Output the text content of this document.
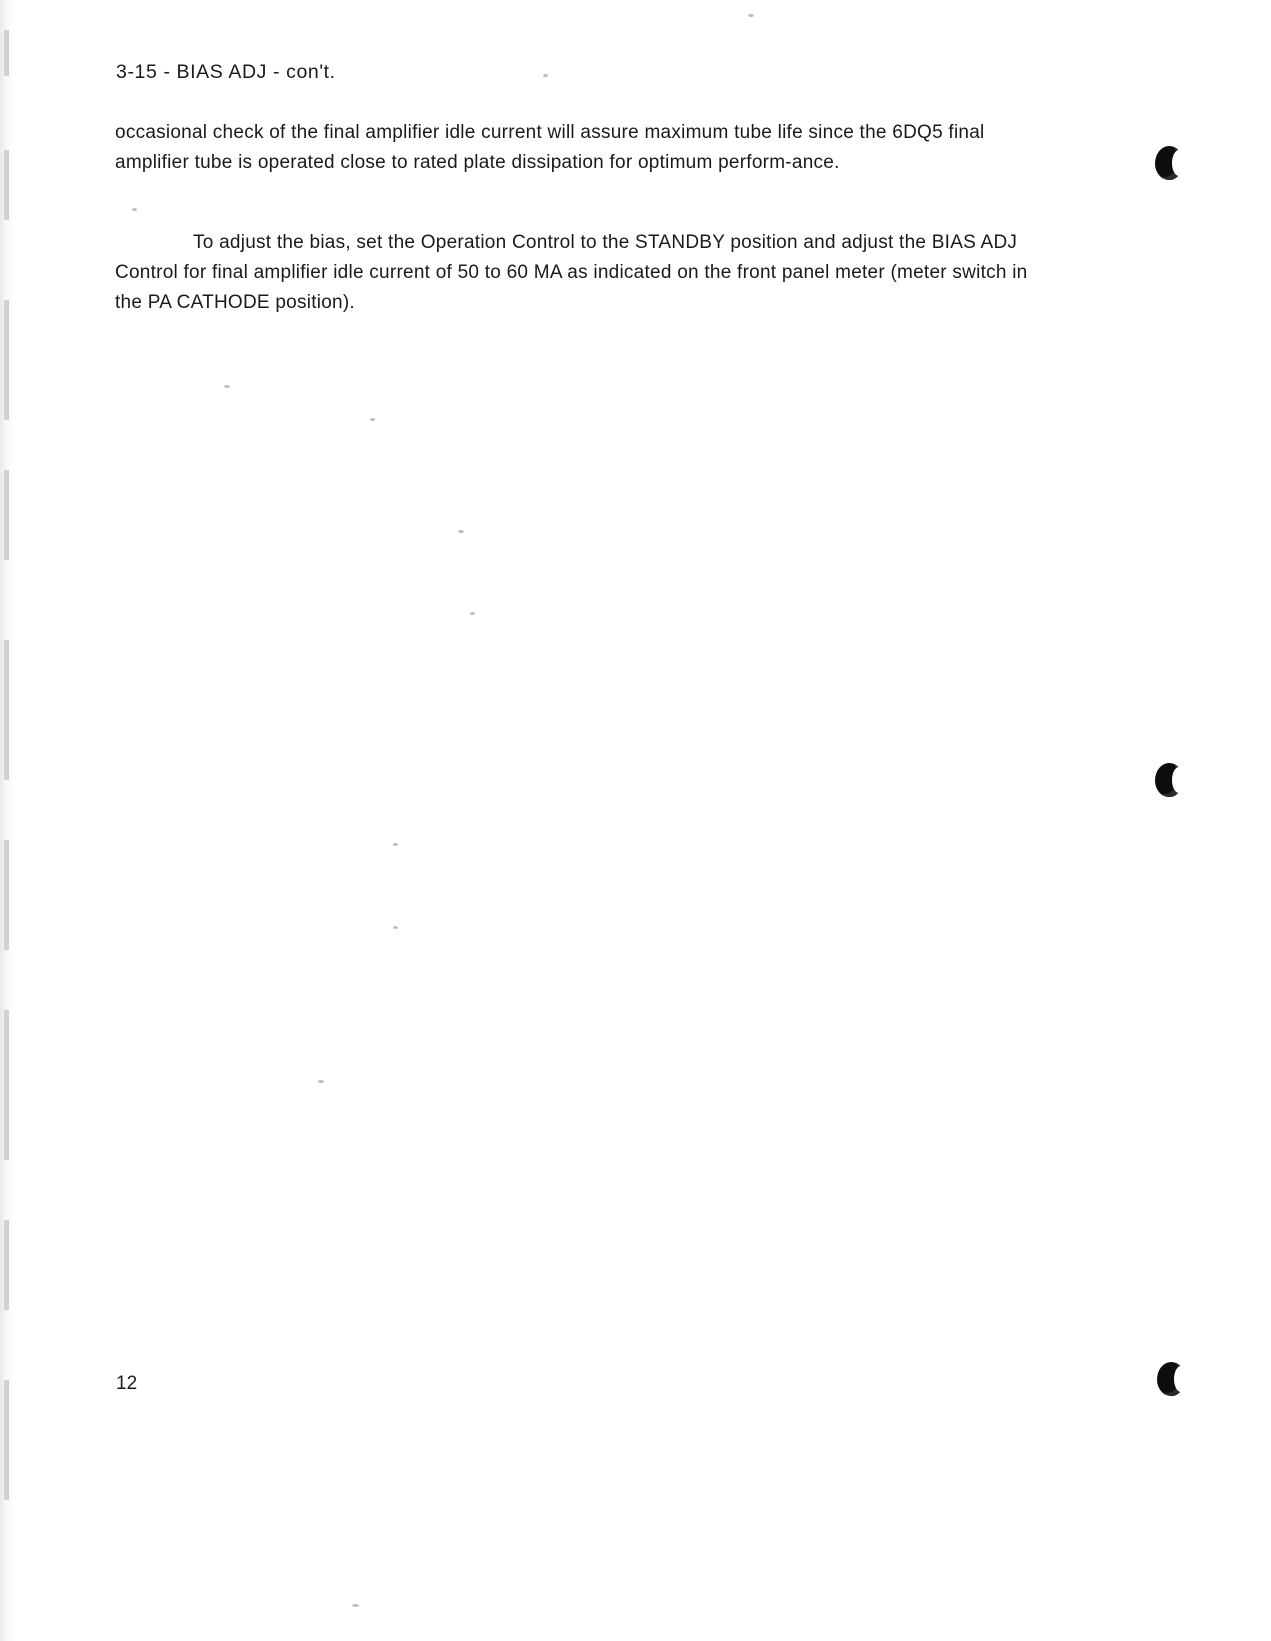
3-15 - BIAS ADJ - con't.
occasional check of the final amplifier idle current will assure maximum tube life since the 6DQ5 final amplifier tube is operated close to rated plate dissipation for optimum perform-ance.
To adjust the bias, set the Operation Control to the STANDBY position and adjust the BIAS ADJ Control for final amplifier idle current of 50 to 60 MA as indicated on the front panel meter (meter switch in the PA CATHODE position).
12
